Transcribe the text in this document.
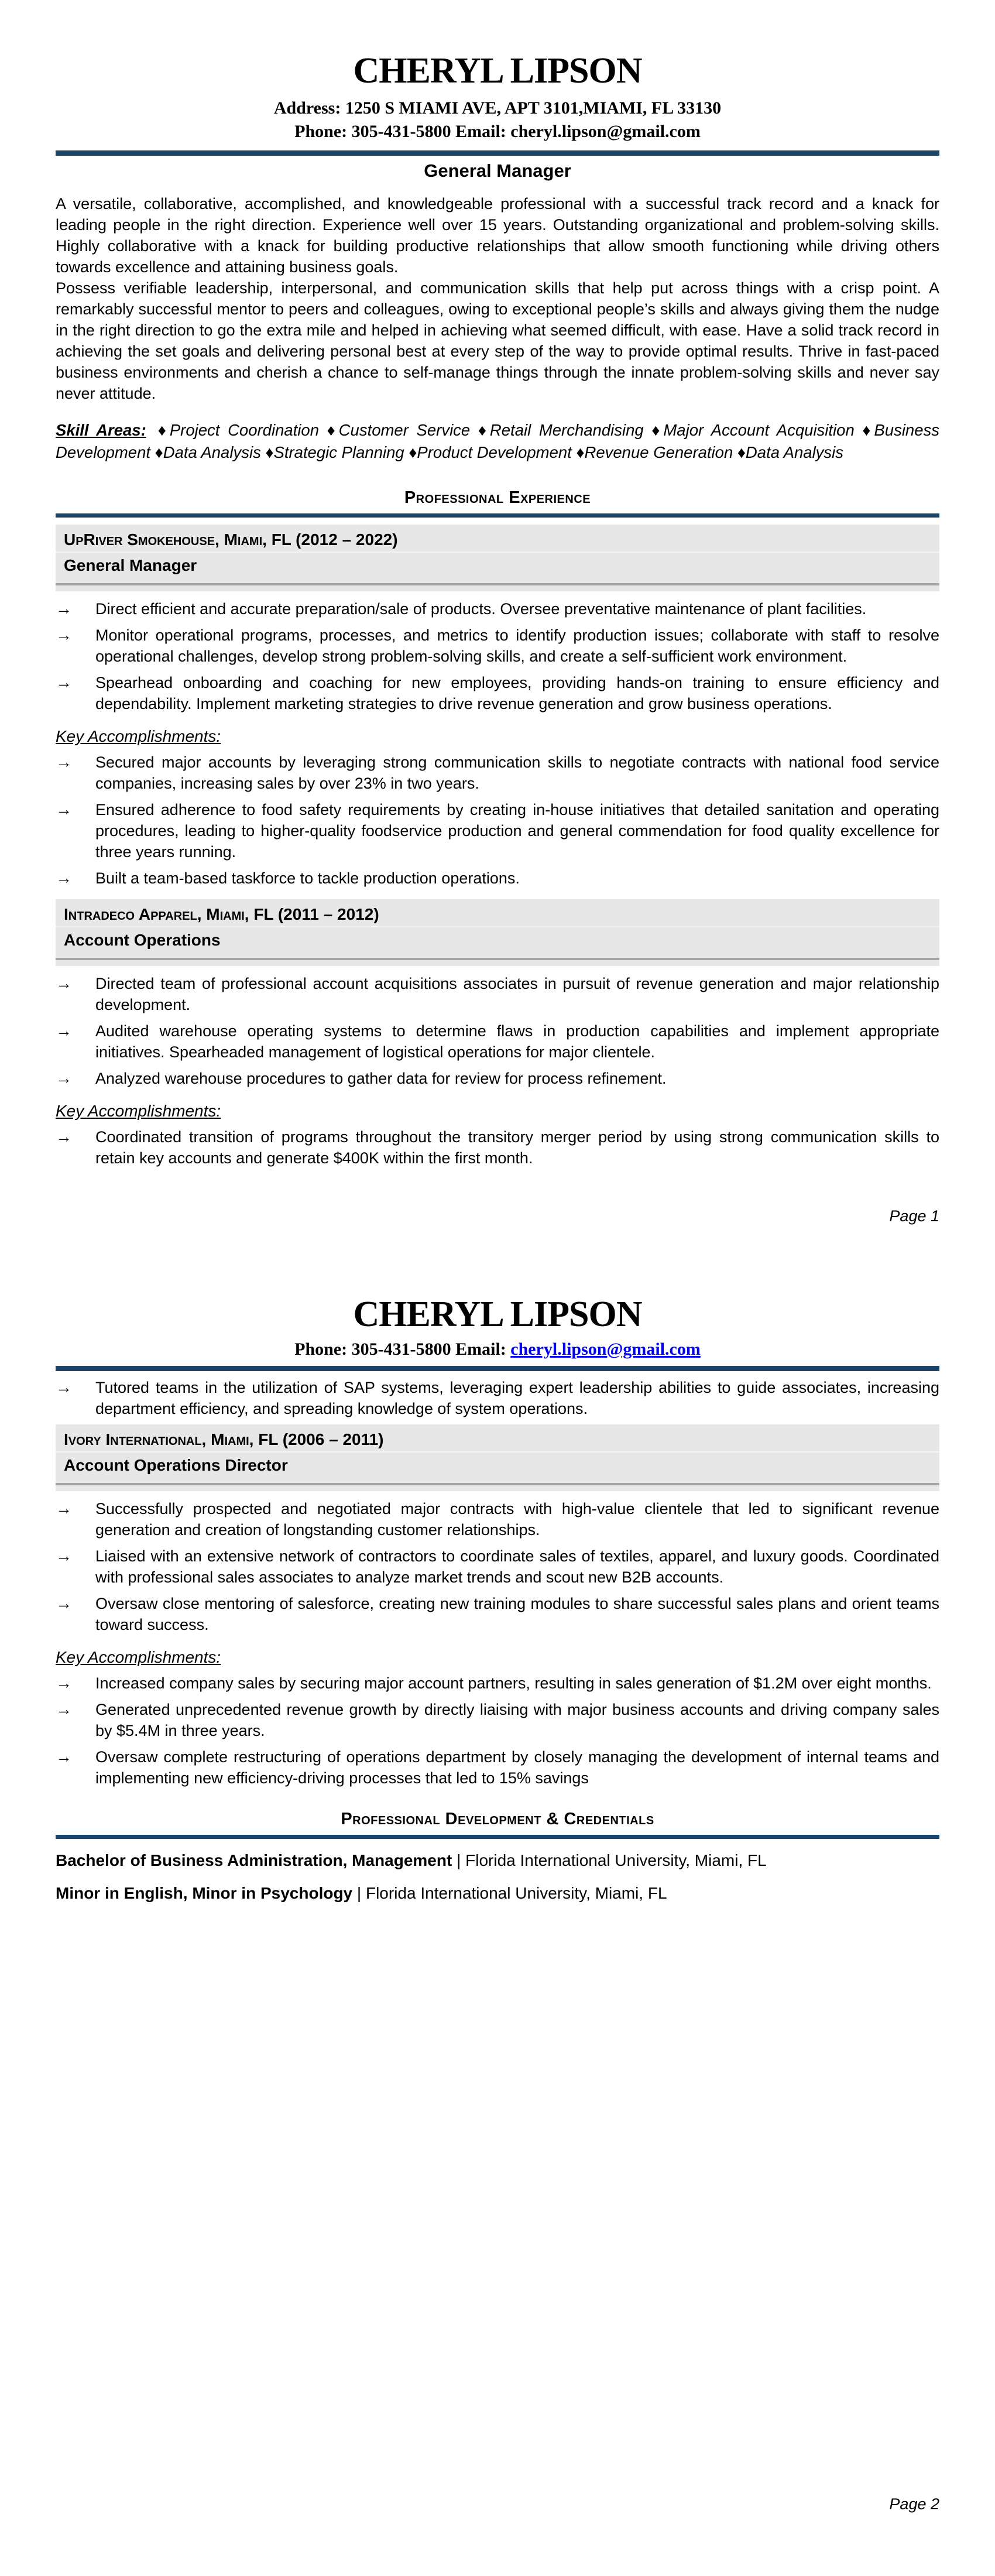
CHERYL LIPSON
Address: 1250 S MIAMI AVE, APT 3101,MIAMI, FL 33130
Phone: 305-431-5800 Email: cheryl.lipson@gmail.com
General Manager

A versatile, collaborative, accomplished, and knowledgeable professional with a successful track record and a knack for leading people in the right direction. Experience well over 15 years. Outstanding organizational and problem-solving skills. Highly collaborative with a knack for building productive relationships that allow smooth functioning while driving others towards excellence and attaining business goals.

Possess verifiable leadership, interpersonal, and communication skills that help put across things with a crisp point. A remarkably successful mentor to peers and colleagues, owing to exceptional people’s skills and always giving them the nudge in the right direction to go the extra mile and helped in achieving what seemed difficult, with ease. Have a solid track record in achieving the set goals and delivering personal best at every step of the way to provide optimal results. Thrive in fast-paced business environments and cherish a chance to self-manage things through the innate problem-solving skills and never say never attitude.

Skill Areas: ♦Project Coordination ♦Customer Service ♦Retail Merchandising ♦Major Account Acquisition ♦Business Development ♦Data Analysis ♦Strategic Planning ♦Product Development ♦Revenue Generation ♦Data Analysis

Professional Experience
UpRiver Smokehouse, Miami, FL (2012 – 2022)
General Manager
→	Direct efficient and accurate preparation/sale of products. Oversee preventative maintenance of plant facilities.
→	Monitor operational programs, processes, and metrics to identify production issues; collaborate with staff to resolve operational challenges, develop strong problem-solving skills, and create a self-sufficient work environment.
→	Spearhead onboarding and coaching for new employees, providing hands-on training to ensure efficiency and dependability. Implement marketing strategies to drive revenue generation and grow business operations.
Key Accomplishments:
→	Secured major accounts by leveraging strong communication skills to negotiate contracts with national food service companies, increasing sales by over 23% in two years.
→	Ensured adherence to food safety requirements by creating in-house initiatives that detailed sanitation and operating procedures, leading to higher-quality foodservice production and general commendation for food quality excellence for three years running.
→	Built a team-based taskforce to tackle production operations.
Intradeco Apparel, Miami, FL (2011 – 2012)
Account Operations
→	Directed team of professional account acquisitions associates in pursuit of revenue generation and major relationship development.
→	Audited warehouse operating systems to determine flaws in production capabilities and implement appropriate initiatives. Spearheaded management of logistical operations for major clientele.
→	Analyzed warehouse procedures to gather data for review for process refinement.
Key Accomplishments:
→	Coordinated transition of programs throughout the transitory merger period by using strong communication skills to retain key accounts and generate $400K within the first month.
Page 1
CHERYL LIPSON
Phone: 305-431-5800 Email: cheryl.lipson@gmail.com
→	Tutored teams in the utilization of SAP systems, leveraging expert leadership abilities to guide associates, increasing department efficiency, and spreading knowledge of system operations.
Ivory International, Miami, FL (2006 – 2011)
Account Operations Director
→	Successfully prospected and negotiated major contracts with high-value clientele that led to significant revenue generation and creation of longstanding customer relationships.
→	Liaised with an extensive network of contractors to coordinate sales of textiles, apparel, and luxury goods. Coordinated with professional sales associates to analyze market trends and scout new B2B accounts.
→	Oversaw close mentoring of salesforce, creating new training modules to share successful sales plans and orient teams toward success.
Key Accomplishments:
→	Increased company sales by securing major account partners, resulting in sales generation of $1.2M over eight months.
→	Generated unprecedented revenue growth by directly liaising with major business accounts and driving company sales by $5.4M in three years.
→	Oversaw complete restructuring of operations department by closely managing the development of internal teams and implementing new efficiency-driving processes that led to 15% savings
Professional Development & Credentials
Bachelor of Business Administration, Management | Florida International University, Miami, FL
Minor in English, Minor in Psychology | Florida International University, Miami, FL
Page 2
